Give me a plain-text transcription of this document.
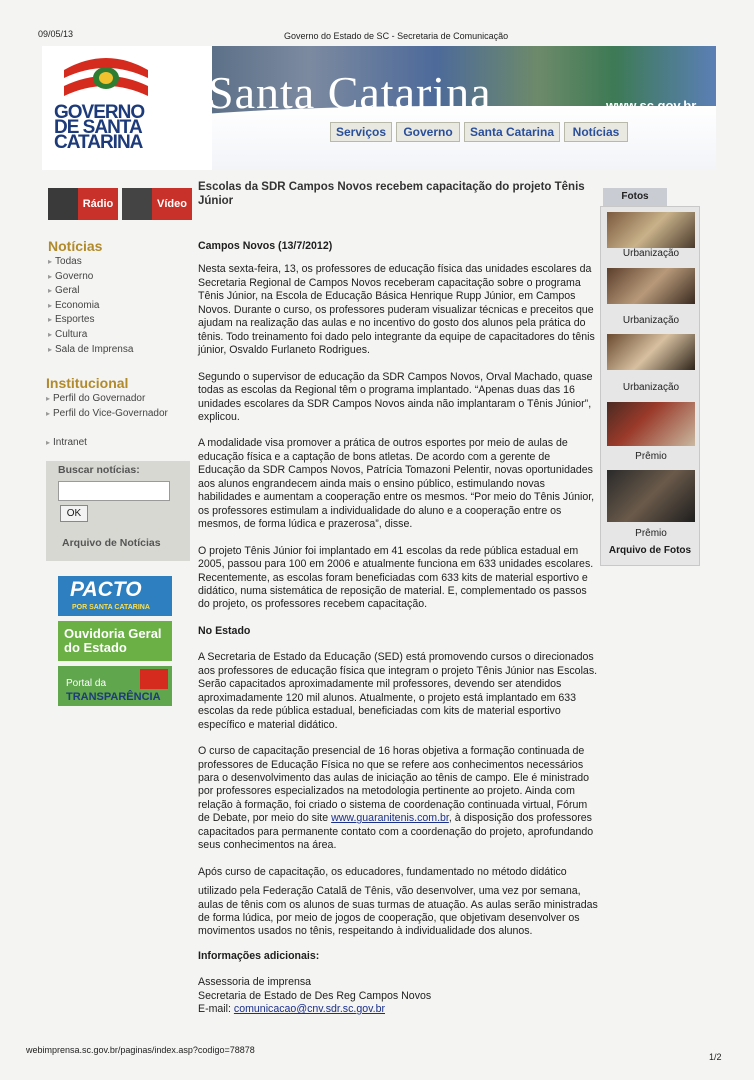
09/05/13	Governo do Estado de SC - Secretaria de Comunicação
GOVERNO
DE SANTA
CATARINA
Santa Catarina	www.sc.gov.br
Serviços	Governo	Santa Catarina	Notícias
Rádio	Vídeo
Notícias
▸ Todas
▸ Governo
▸ Geral
▸ Economia
▸ Esportes
▸ Cultura
▸ Sala de Imprensa
Institucional
▸ Perfil do Governador
▸ Perfil do Vice-Governador
▸ Intranet
Buscar notícias:
OK
Arquivo de Notícias
PACTO
POR SANTA CATARINA
Ouvidoria Geral
do Estado
Portal da
TRANSPARÊNCIA

Escolas da SDR Campos Novos recebem capacitação do projeto Tênis Júnior

Campos Novos (13/7/2012)

Nesta sexta-feira, 13, os professores de educação física das unidades escolares da Secretaria Regional de Campos Novos receberam capacitação sobre o programa Tênis Júnior, na Escola de Educação Básica Henrique Rupp Júnior, em Campos Novos. Durante o curso, os professores puderam visualizar técnicas e preceitos que ajudam na realização das aulas e no incentivo do gosto dos alunos pela prática do tênis. Todo treinamento foi dado pelo integrante da equipe de capacitadores do tênis júnior, Osvaldo Furlaneto Rodrigues.

Segundo o supervisor de educação da SDR Campos Novos, Orval Machado, quase todas as escolas da Regional têm o programa implantado. “Apenas duas das 16 unidades escolares da SDR Campos Novos ainda não implantaram o Tênis Júnior”, explicou.

A modalidade visa promover a prática de outros esportes por meio de aulas de educação física e a captação de bons atletas. De acordo com a gerente de Educação da SDR Campos Novos, Patrícia Tomazoni Pelentir, novas oportunidades aos alunos engrandecem ainda mais o ensino público, estimulando novas habilidades e aumentam a cooperação entre os mesmos. “Por meio do Tênis Júnior, os professores estimulam a individualidade do aluno e a cooperação entre os mesmos, de forma lúdica e prazerosa”, disse.

O projeto Tênis Júnior foi implantado em 41 escolas da rede pública estadual em 2005, passou para 100 em 2006 e atualmente funciona em 633 unidades escolares. Recentemente, as escolas foram beneficiadas com 633 kits de material esportivo e didático, numa sistemática de reposição de material. E, complementado os passos do projeto, os professores recebem capacitação.

No Estado

A Secretaria de Estado da Educação (SED) está promovendo cursos o direcionados aos professores de educação física que integram o projeto Tênis Júnior nas Escolas. Serão capacitados aproximadamente mil professores, devendo ser atendidos aproximadamente 120 mil alunos. Atualmente, o projeto está implantado em 633 escolas da rede pública estadual, beneficiadas com kits de material esportivo específico e material didático.

O curso de capacitação presencial de 16 horas objetiva a formação continuada de professores de Educação Física no que se refere aos conhecimentos necessários para o desenvolvimento das aulas de iniciação ao tênis de campo. Ele é ministrado por professores especializados na metodologia pertinente ao projeto. Ainda com relação à formação, foi criado o sistema de coordenação continuada virtual, Fórum de Debate, por meio do site www.guaranitenis.com.br, à disposição dos professores capacitados para permanente contato com a coordenação do projeto, aprofundando seus conhecimentos na área.

Após curso de capacitação, os educadores, fundamentado no método didático

utilizado pela Federação Catalã de Tênis, vão desenvolver, uma vez por semana, aulas de tênis com os alunos de suas turmas de atuação. As aulas serão ministradas de forma lúdica, por meio de jogos de cooperação, que objetivam desenvolver os movimentos usados no tênis, respeitando à individualidade dos alunos.

Informações adicionais:

Assessoria de imprensa

Secretaria de Estado de Des Reg Campos Novos

E-mail: comunicacao@cnv.sdr.sc.gov.br

Fotos
Urbanização
Urbanização
Urbanização
Prêmio
Prêmio
Arquivo de Fotos
webimprensa.sc.gov.br/paginas/index.asp?codigo=78878
1/2
